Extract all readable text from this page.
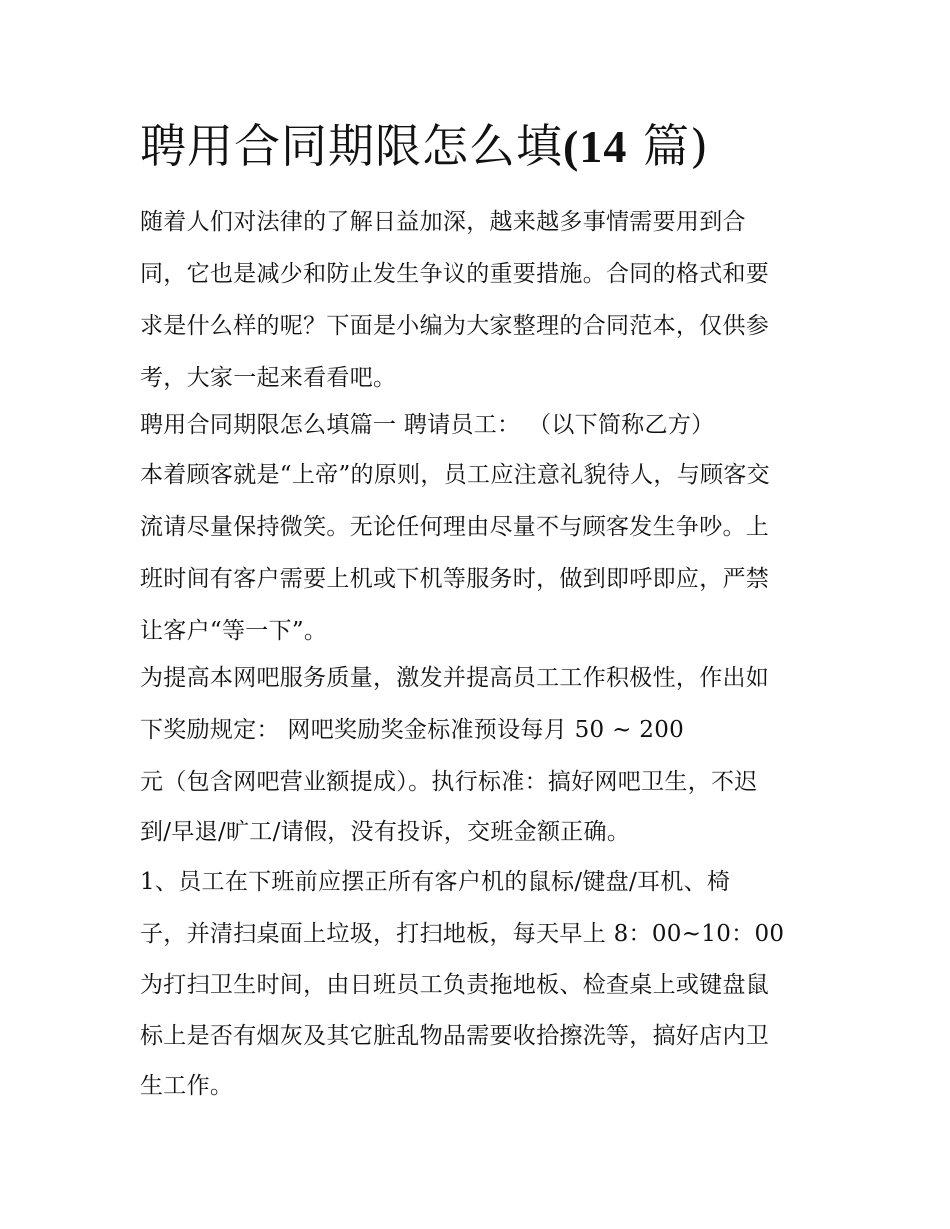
聘用合同期限怎么填(14 篇)

随着人们对法律的了解日益加深，越来越多事情需要用到合

同，它也是减少和防止发生争议的重要措施。合同的格式和要

求是什么样的呢？下面是小编为大家整理的合同范本，仅供参

考，大家一起来看看吧。

聘用合同期限怎么填篇一 聘请员工： （以下简称乙方）

本着顾客就是“上帝”的原则，员工应注意礼貌待人，与顾客交

流请尽量保持微笑。无论任何理由尽量不与顾客发生争吵。上

班时间有客户需要上机或下机等服务时，做到即呼即应，严禁

让客户“等一下”。

为提高本网吧服务质量，激发并提高员工工作积极性，作出如

下奖励规定： 网吧奖励奖金标准预设每月 50 ~ 200

元（包含网吧营业额提成）。执行标准：搞好网吧卫生，不迟

到/早退/旷工/请假，没有投诉，交班金额正确。

1、员工在下班前应摆正所有客户机的鼠标/键盘/耳机、椅

子，并清扫桌面上垃圾，打扫地板，每天早上 8：00~10：00

为打扫卫生时间，由日班员工负责拖地板、检查桌上或键盘鼠

标上是否有烟灰及其它脏乱物品需要收拾擦洗等，搞好店内卫

生工作。
